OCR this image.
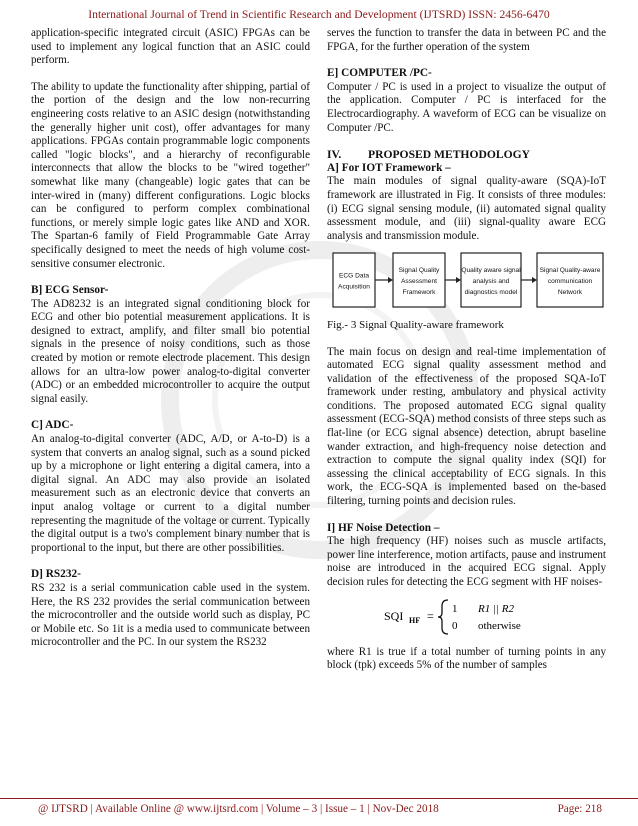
International Journal of Trend in Scientific Research and Development (IJTSRD) ISSN: 2456-6470

application-specific integrated circuit (ASIC) FPGAs can be used to implement any logical function that an ASIC could perform.

The ability to update the functionality after shipping, partial of the portion of the design and the low non-recurring engineering costs relative to an ASIC design (notwithstanding the generally higher unit cost), offer advantages for many applications. FPGAs contain programmable logic components called "logic blocks", and a hierarchy of reconfigurable interconnects that allow the blocks to be "wired together" somewhat like many (changeable) logic gates that can be inter-wired in (many) different configurations. Logic blocks can be configured to perform complex combinational functions, or merely simple logic gates like AND and XOR. The Spartan-6 family of Field Programmable Gate Array specifically designed to meet the needs of high volume cost-sensitive consumer electronic.

B] ECG Sensor-

The AD8232 is an integrated signal conditioning block for ECG and other bio potential measurement applications. It is designed to extract, amplify, and filter small bio potential signals in the presence of noisy conditions, such as those created by motion or remote electrode placement. This design allows for an ultra-low power analog-to-digital converter (ADC) or an embedded microcontroller to acquire the output signal easily.

C] ADC-

An analog-to-digital converter (ADC, A/D, or A-to-D) is a system that converts an analog signal, such as a sound picked up by a microphone or light entering a digital camera, into a digital signal. An ADC may also provide an isolated measurement such as an electronic device that converts an input analog voltage or current to a digital number representing the magnitude of the voltage or current. Typically the digital output is a two's complement binary number that is proportional to the input, but there are other possibilities.

D] RS232-

RS 232 is a serial communication cable used in the system. Here, the RS 232 provides the serial communication between the microcontroller and the outside world such as display, PC or Mobile etc. So 1it is a media used to communicate between microcontroller and the PC. In our system the RS232

serves the function to transfer the data in between PC and the FPGA, for the further operation of the system

E] COMPUTER /PC-

Computer / PC is used in a project to visualize the output of the application. Computer / PC is interfaced for the Electrocardiography. A waveform of ECG can be visualize on Computer /PC.

IV. PROPOSED METHODOLOGY
A] For IOT Framework –

The main modules of signal quality-aware (SQA)-IoT framework are illustrated in Fig. It consists of three modules: (i) ECG signal sensing module, (ii) automated signal quality assessment module, and (iii) signal-quality aware ECG analysis and transmission module.

ECG Data
Acquisition
Signal Quality
Assessment
Framework
Quality aware signal
analysis and
diagnostics model
Signal Quality-aware
communication
Network

Fig.- 3 Signal Quality-aware framework

The main focus on design and real-time implementation of automated ECG signal quality assessment method and validation of the effectiveness of the proposed SQA-IoT framework under resting, ambulatory and physical activity conditions. The proposed automated ECG signal quality assessment (ECG-SQA) method consists of three steps such as flat-line (or ECG signal absence) detection, abrupt baseline wander extraction, and high-frequency noise detection and extraction to compute the signal quality index (SQI) for assessing the clinical acceptability of ECG signals. In this work, the ECG-SQA is implemented based on the-based filtering, turning points and decision rules.

I] HF Noise Detection –

The high frequency (HF) noises such as muscle artifacts, power line interference, motion artifacts, pause and instrument noise are introduced in the acquired ECG signal. Apply decision rules for detecting the ECG segment with HF noises-

SQI HF = 1 R1 || R2
0 otherwise

where R1 is true if a total number of turning points in any block (tpk) exceeds 5% of the number of samples

@ IJTSRD | Available Online @ www.ijtsrd.com | Volume – 3 | Issue – 1 | Nov-Dec 2018	Page: 218
